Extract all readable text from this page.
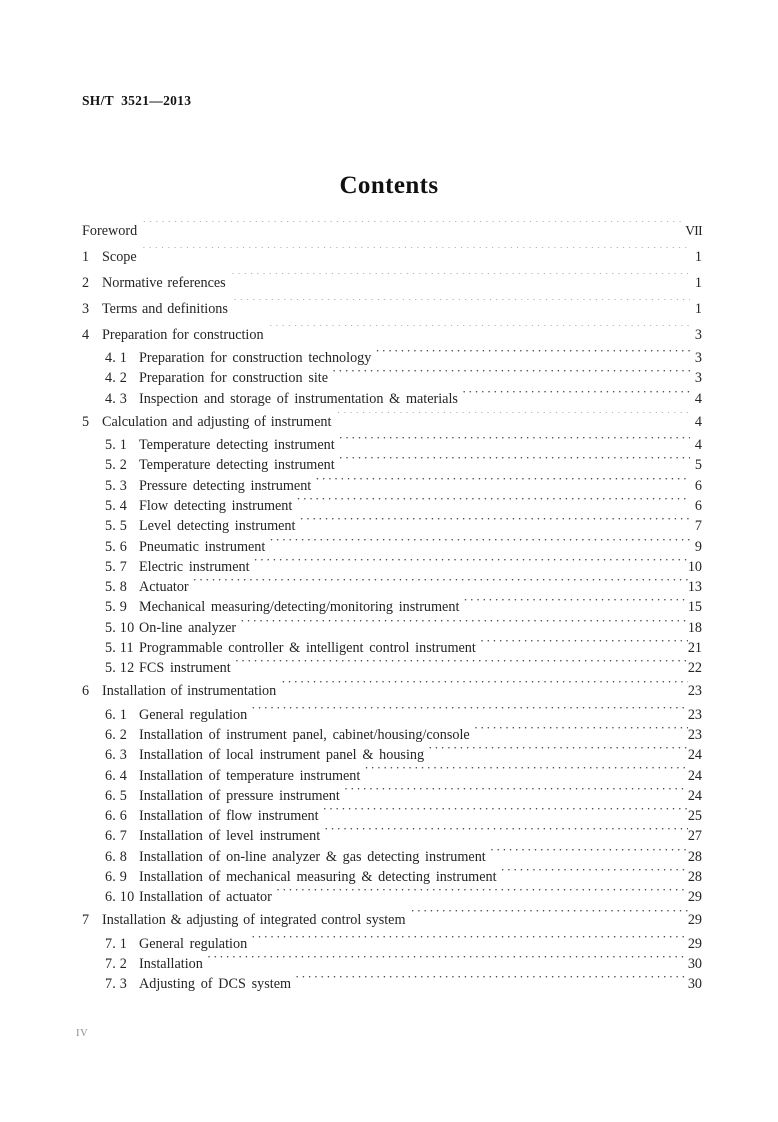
SH/T  3521—2013
Contents
Foreword ·····	VII
1 Scope ·····	1
2 Normative references ·····	1
3 Terms and definitions ·····	1
4 Preparation for construction ·····	3
4. 1 Preparation for construction technology ·····	3
4. 2 Preparation for construction site ·····	3
4. 3 Inspection and storage of instrumentation & materials ·····	4
5 Calculation and adjusting of instrument ·····	4
5. 1 Temperature detecting instrument ·····	4
5. 2 Temperature detecting instrument ·····	5
5. 3 Pressure detecting instrument ·····	6
5. 4 Flow detecting instrument ·····	6
5. 5 Level detecting instrument ·····	7
5. 6 Pneumatic instrument ·····	9
5. 7 Electric instrument ·····	10
5. 8 Actuator ·····	13
5. 9 Mechanical measuring/detecting/monitoring instrument ·····	15
5. 10 On-line analyzer ·····	18
5. 11 Programmable controller & intelligent control instrument ·····	21
5. 12 FCS instrument ·····	22
6 Installation of instrumentation ·····	23
6. 1 General regulation ·····	23
6. 2 Installation of instrument panel, cabinet/housing/console ·····	23
6. 3 Installation of local instrument panel & housing ·····	24
6. 4 Installation of temperature instrument ·····	24
6. 5 Installation of pressure instrument ·····	24
6. 6 Installation of flow instrument ·····	25
6. 7 Installation of level instrument ·····	27
6. 8 Installation of on-line analyzer & gas detecting instrument ·····	28
6. 9 Installation of mechanical measuring & detecting instrument ·····	28
6. 10 Installation of actuator ·····	29
7 Installation & adjusting of integrated control system ·····	29
7. 1 General regulation ·····	29
7. 2 Installation ·····	30
7. 3 Adjusting of DCS system ·····	30
IV
